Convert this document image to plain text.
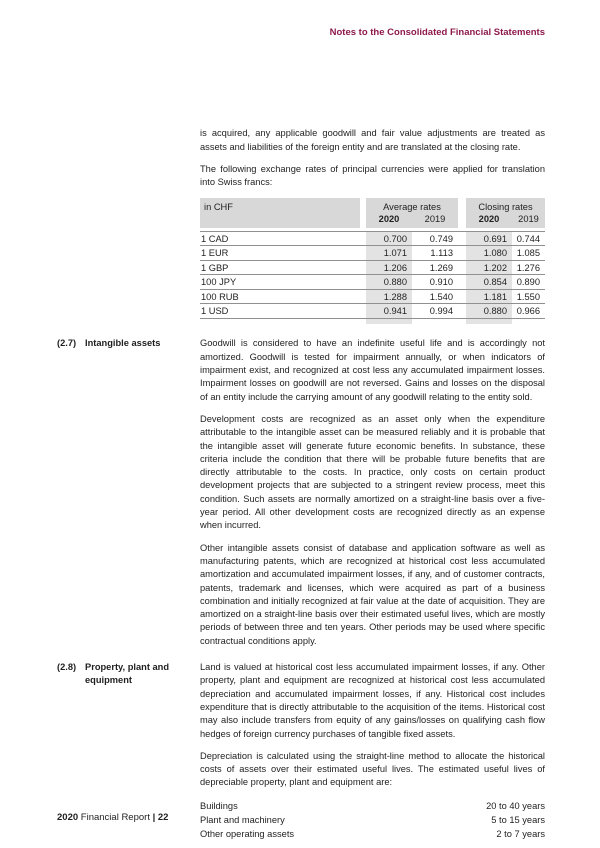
Notes to the Consolidated Financial Statements

is acquired, any applicable goodwill and fair value adjustments are treated as assets and liabilities of the foreign entity and are translated at the closing rate.

The following exchange rates of principal currencies were applied for translation into Swiss francs:

in CHF		Average rates			Closing rates	
		2020	2019		2020	2019

1 CAD		0.700	0.749		0.691	0.744
1 EUR		1.071	1.113		1.080	1.085
1 GBP		1.206	1.269		1.202	1.276
100 JPY		0.880	0.910		0.854	0.890
100 RUB		1.288	1.540		1.181	1.550
1 USD		0.941	0.994		0.880	0.966

(2.7) Intangible assets	Goodwill is considered to have an indefinite useful life and is accordingly not amortized. Goodwill is tested for impairment annually, or when indicators of impairment exist, and recognized at cost less any accumulated impairment losses. Impairment losses on goodwill are not reversed. Gains and losses on the disposal of an entity include the carrying amount of any goodwill relating to the entity sold.

Development costs are recognized as an asset only when the expenditure attributable to the intangible asset can be measured reliably and it is probable that the intangible asset will generate future economic benefits. In substance, these criteria include the condition that there will be probable future benefits that are directly attributable to the costs. In practice, only costs on certain product development projects that are subjected to a stringent review process, meet this condition. Such assets are normally amortized on a straight-line basis over a five-year period. All other development costs are recognized directly as an expense when incurred.

Other intangible assets consist of database and application software as well as manufacturing patents, which are recognized at historical cost less accumulated amortization and accumulated impairment losses, if any, and of customer contracts, patents, trademark and licenses, which were acquired as part of a business combination and initially recognized at fair value at the date of acquisition. They are amortized on a straight-line basis over their estimated useful lives, which are mostly periods of between three and ten years. Other periods may be used where specific contractual conditions apply.

(2.8) Property, plant and equipment

Land is valued at historical cost less accumulated impairment losses, if any. Other property, plant and equipment are recognized at historical cost less accumulated depreciation and accumulated impairment losses, if any. Historical cost includes expenditure that is directly attributable to the acquisition of the items. Historical cost may also include transfers from equity of any gains/losses on qualifying cash flow hedges of foreign currency purchases of tangible fixed assets.

Depreciation is calculated using the straight-line method to allocate the historical costs of assets over their estimated useful lives. The estimated useful lives of depreciable property, plant and equipment are:

Buildings	20 to 40 years
Plant and machinery	5 to 15 years
Other operating assets	2 to 7 years
2020 Financial Report | 22
